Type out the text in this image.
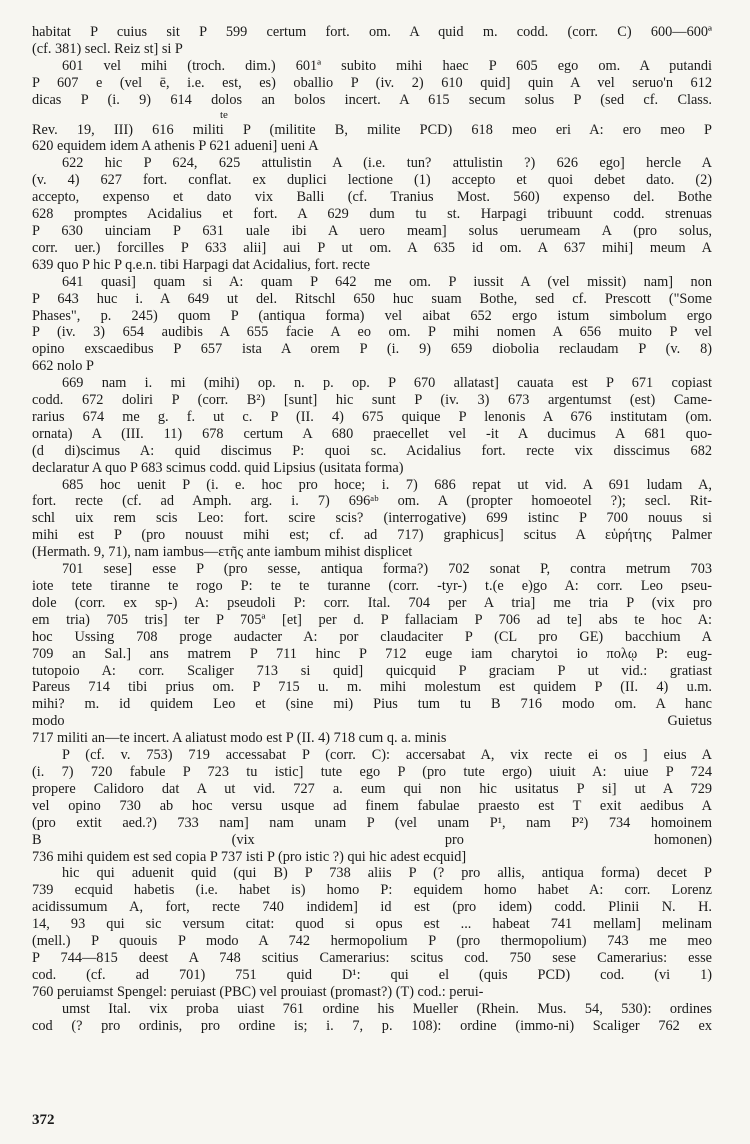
habitat P cuius sit P 599 certum fort. om. A quid m. codd. (corr. C) 600—600ª
(cf. 381) secl. Reiz st] si P
601 vel mihi (troch. dim.) 601ª subito mihi haec P 605 ego om. A putandi
P 607 e (vel ē, i.e. est, es) oballio P (iv. 2) 610 quid] quin A vel seruo'n 612
dicas P (i. 9) 614 dolos an bolos incert. A 615 secum solus P (sed cf. Class.
te
Rev. 19, III) 616 militi P (militite B, milite PCD) 618 meo eri A: ero meo P
620 equidem idem A athenis P 621 adueni] ueni A
622 hic P 624, 625 attulistin A (i.e. tun? attulistin ?) 626 ego] hercle A
(v. 4) 627 fort. conflat. ex duplici lectione (1) accepto et quoi debet dato. (2)
accepto, expenso et dato vix Balli (cf. Tranius Most. 560) expenso del. Bothe
628 promptes Acidalius et fort. A 629 dum tu st. Harpagi tribuunt codd. strenuas
P 630 uinciam P 631 uale ibi A uero meam] solus uerumeam A (pro solus,
corr. uer.) forcilles P 633 alii] aui P ut om. A 635 id om. A 637 mihi] meum A
639 quo P hic P q.e.n. tibi Harpagi dat Acidalius, fort. recte
641 quasi] quam si A: quam P 642 me om. P iussit A (vel missit) nam] non
P 643 huc i. A 649 ut del. Ritschl 650 huc suam Bothe, sed cf. Prescott ("Some
Phases", p. 245) quom P (antiqua forma) vel aibat 652 ergo istum simbolum ergo
P (iv. 3) 654 audibis A 655 facie A eo om. P mihi nomen A 656 muito P vel
opino exscaedibus P 657 ista A orem P (i. 9) 659 diobolia reclaudam P (v. 8)
662 nolo P
669 nam i. mi (mihi) op. n. p. op. P 670 allatast] cauata est P 671 copiast
codd. 672 doliri P (corr. B²) [sunt] hic sunt P (iv. 3) 673 argentumst (est) Came-
rarius 674 me g. f. ut c. P (II. 4) 675 quique P lenonis A 676 institutam (om.
ornata) A (III. 11) 678 certum A 680 praecellet vel -it A ducimus A 681 quo-
(d di)scimus A: quid discimus P: quoi sc. Acidalius fort. recte vix disscimus 682
declaratur A quo P 683 scimus codd. quid Lipsius (usitata forma)
685 hoc uenit P (i. e. hoc pro hoce; i. 7) 686 repat ut vid. A 691 ludam A,
fort. recte (cf. ad Amph. arg. i. 7) 696ᵃᵇ om. A (propter homoeotel ?); secl. Rit-
schl uix rem scis Leo: fort. scire scis? (interrogative) 699 istinc P 700 nouus si
mihi est P (pro nouust mihi est; cf. ad 717) graphicus] scitus A εὑρήτης Palmer
(Hermath. 9, 71), nam iambus—ετῆς ante iambum mihist displicet
701 sese] esse P (pro sesse, antiqua forma?) 702 sonat P, contra metrum 703
iote tete tiranne te rogo P: te te turanne (corr. -tyr-) t.(e e)go A: corr. Leo pseu-
dole (corr. ex sp-) A: pseudoli P: corr. Ital. 704 per A tria] me tria P (vix pro
em tria) 705 tris] ter P 705ª [et] per d. P fallaciam P 706 ad te] abs te hoc A:
hoc Ussing 708 proge audacter A: por claudaciter P (CL pro GE) bacchium A
709 an Sal.] ans matrem P 711 hinc P 712 euge iam charytoi io πολῳ P: eug-
tutopoio A: corr. Scaliger 713 si quid] quicquid P graciam P ut vid.: gratiast
Pareus 714 tibi prius om. P 715 u. m. mihi molestum est quidem P (II. 4) u.m.
mihi? m. id quidem Leo et (sine mi) Pius tum tu B 716 modo om. A hanc
modo Guietus
717 militi an—te incert. A aliatust modo est P (II. 4) 718 cum q. a. minis
P (cf. v. 753) 719 accessabat P (corr. C): accersabat A, vix recte ei os ] eius A
(i. 7) 720 fabule P 723 tu istic] tute ego P (pro tute ergo) uiuit A: uiue P 724
propere Calidoro dat A ut vid. 727 a. eum qui non hic usitatus P si] ut A 729
vel opino 730 ab hoc versu usque ad finem fabulae praesto est T exit aedibus A
(pro extit aed.?) 733 nam] nam unam P (vel unam P¹, nam P²) 734 homoinem
B (vix pro homonen)
736 mihi quidem est sed copia P 737 isti P (pro istic ?) qui hic adest ecquid]
hic qui aduenit quid (qui B) P 738 aliis P (? pro allis, antiqua forma) decet P
739 ecquid habetis (i.e. habet is) homo P: equidem homo habet A: corr. Lorenz
acidissumum A, fort, recte 740 indidem] id est (pro idem) codd. Plinii N. H.
14, 93 qui sic versum citat: quod si opus est ... habeat 741 mellam] melinam
(mell.) P quouis P modo A 742 hermopolium P (pro thermopolium) 743 me meo
P 744—815 deest A 748 scitius Camerarius: scitus cod. 750 sese Camerarius: esse
cod. (cf. ad 701) 751 quid D¹: qui el (quis PCD) cod. (vi 1)
760 peruiamst Spengel: peruiast (PBC) vel prouiast (promast?) (T) cod.: perui-
umst Ital. vix proba uiast 761 ordine his Mueller (Rhein. Mus. 54, 530): ordines
cod (? pro ordinis, pro ordine is; i. 7, p. 108): ordine (immo-ni) Scaliger 762 ex
372
